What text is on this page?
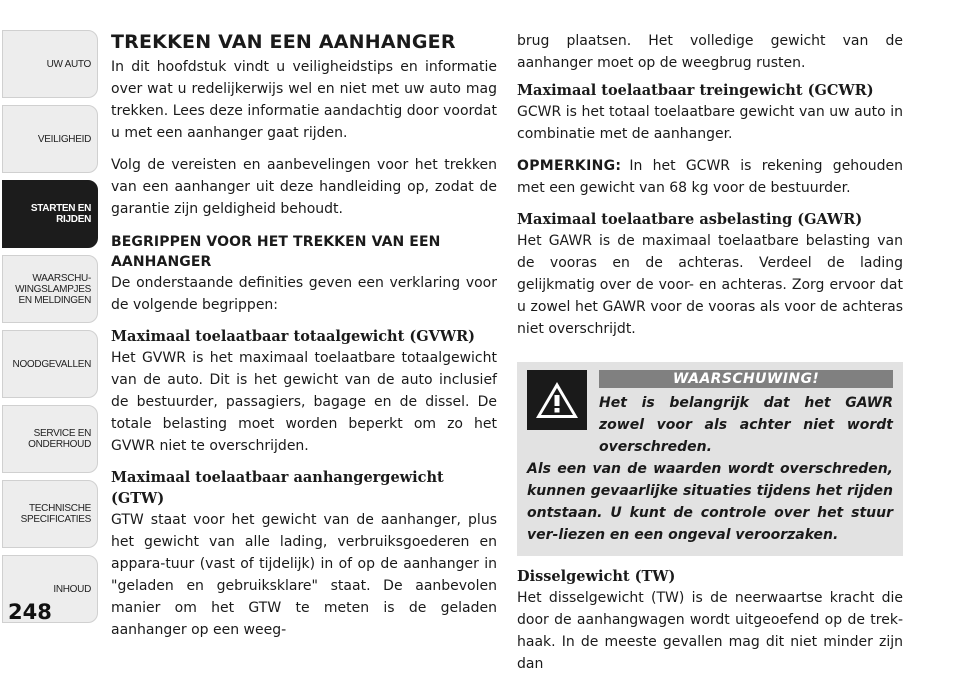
UW AUTO
VEILIGHEID
STARTEN EN
RIJDEN
WAARSCHU-
WINGSLAMPJES
EN MELDINGEN
NOODGEVALLEN
SERVICE EN
ONDERHOUD
TECHNISCHE
SPECIFICATIES
INHOUD
248
TREKKEN VAN EEN AANHANGER

In dit hoofdstuk vindt u veiligheidstips en informatie over wat u redelijkerwijs wel en niet met uw auto mag trekken. Lees deze informatie aandachtig door voordat u met een aanhanger gaat rijden.

Volg de vereisten en aanbevelingen voor het trekken van een aanhanger uit deze handleiding op, zodat de garantie zijn geldigheid behoudt.

BEGRIPPEN VOOR HET TREKKEN VAN EEN AANHANGER

De onderstaande definities geven een verklaring voor de volgende begrippen:

Maximaal toelaatbaar totaalgewicht (GVWR)

Het GVWR is het maximaal toelaatbare totaalgewicht van de auto. Dit is het gewicht van de auto inclusief de bestuurder, passagiers, bagage en de dissel. De totale belasting moet worden beperkt om zo het GVWR niet te overschrijden.

Maximaal toelaatbaar aanhangergewicht (GTW)

GTW staat voor het gewicht van de aanhanger, plus het gewicht van alle lading, verbruiksgoederen en appara-tuur (vast of tijdelijk) in of op de aanhanger in "geladen en gebruiksklare" staat. De aanbevolen manier om het GTW te meten is de geladen aanhanger op een weeg-

brug plaatsen. Het volledige gewicht van de aanhanger moet op de weegbrug rusten.

Maximaal toelaatbaar treingewicht (GCWR)

GCWR is het totaal toelaatbare gewicht van uw auto in combinatie met de aanhanger.

OPMERKING: In het GCWR is rekening gehouden met een gewicht van 68 kg voor de bestuurder.

Maximaal toelaatbare asbelasting (GAWR)

Het GAWR is de maximaal toelaatbare belasting van de vooras en de achteras. Verdeel de lading gelijkmatig over de voor- en achteras. Zorg ervoor dat u zowel het GAWR voor de vooras als voor de achteras niet overschrijdt.

WAARSCHUWING!

Het is belangrijk dat het GAWR zowel voor als achter niet wordt overschreden.

Als een van de waarden wordt overschreden, kunnen gevaarlijke situaties tijdens het rijden ontstaan. U kunt de controle over het stuur ver-liezen en een ongeval veroorzaken.

Disselgewicht (TW)

Het disselgewicht (TW) is de neerwaartse kracht die door de aanhangwagen wordt uitgeoefend op de trek-haak. In de meeste gevallen mag dit niet minder zijn dan
